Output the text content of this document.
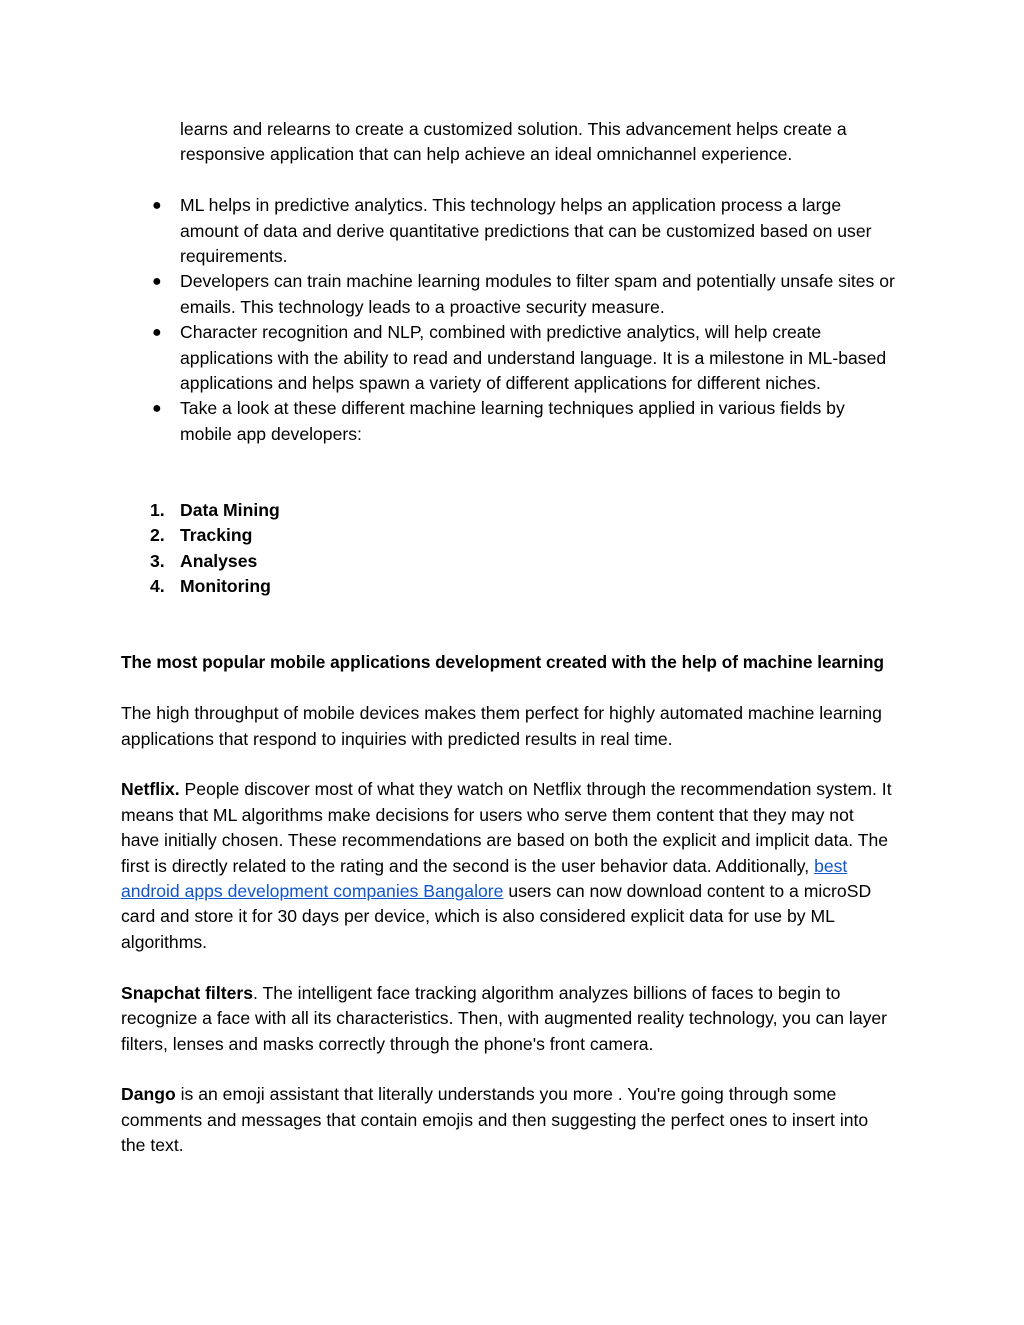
learns and relearns to create a customized solution. This advancement helps create a responsive application that can help achieve an ideal omnichannel experience.

● ML helps in predictive analytics. This technology helps an application process a large amount of data and derive quantitative predictions that can be customized based on user requirements.
● Developers can train machine learning modules to filter spam and potentially unsafe sites or emails. This technology leads to a proactive security measure.
● Character recognition and NLP, combined with predictive analytics, will help create applications with the ability to read and understand language. It is a milestone in ML-based applications and helps spawn a variety of different applications for different niches.
● Take a look at these different machine learning techniques applied in various fields by mobile app developers:
1. Data Mining
2. Tracking
3. Analyses
4. Monitoring
The most popular mobile applications development created with the help of machine learning

The high throughput of mobile devices makes them perfect for highly automated machine learning applications that respond to inquiries with predicted results in real time.

Netflix. People discover most of what they watch on Netflix through the recommendation system. It means that ML algorithms make decisions for users who serve them content that they may not have initially chosen. These recommendations are based on both the explicit and implicit data. The first is directly related to the rating and the second is the user behavior data. Additionally, best android apps development companies Bangalore users can now download content to a microSD card and store it for 30 days per device, which is also considered explicit data for use by ML algorithms.

Snapchat filters. The intelligent face tracking algorithm analyzes billions of faces to begin to recognize a face with all its characteristics. Then, with augmented reality technology, you can layer filters, lenses and masks correctly through the phone's front camera.

Dango is an emoji assistant that literally understands you more . You're going through some comments and messages that contain emojis and then suggesting the perfect ones to insert into the text.
